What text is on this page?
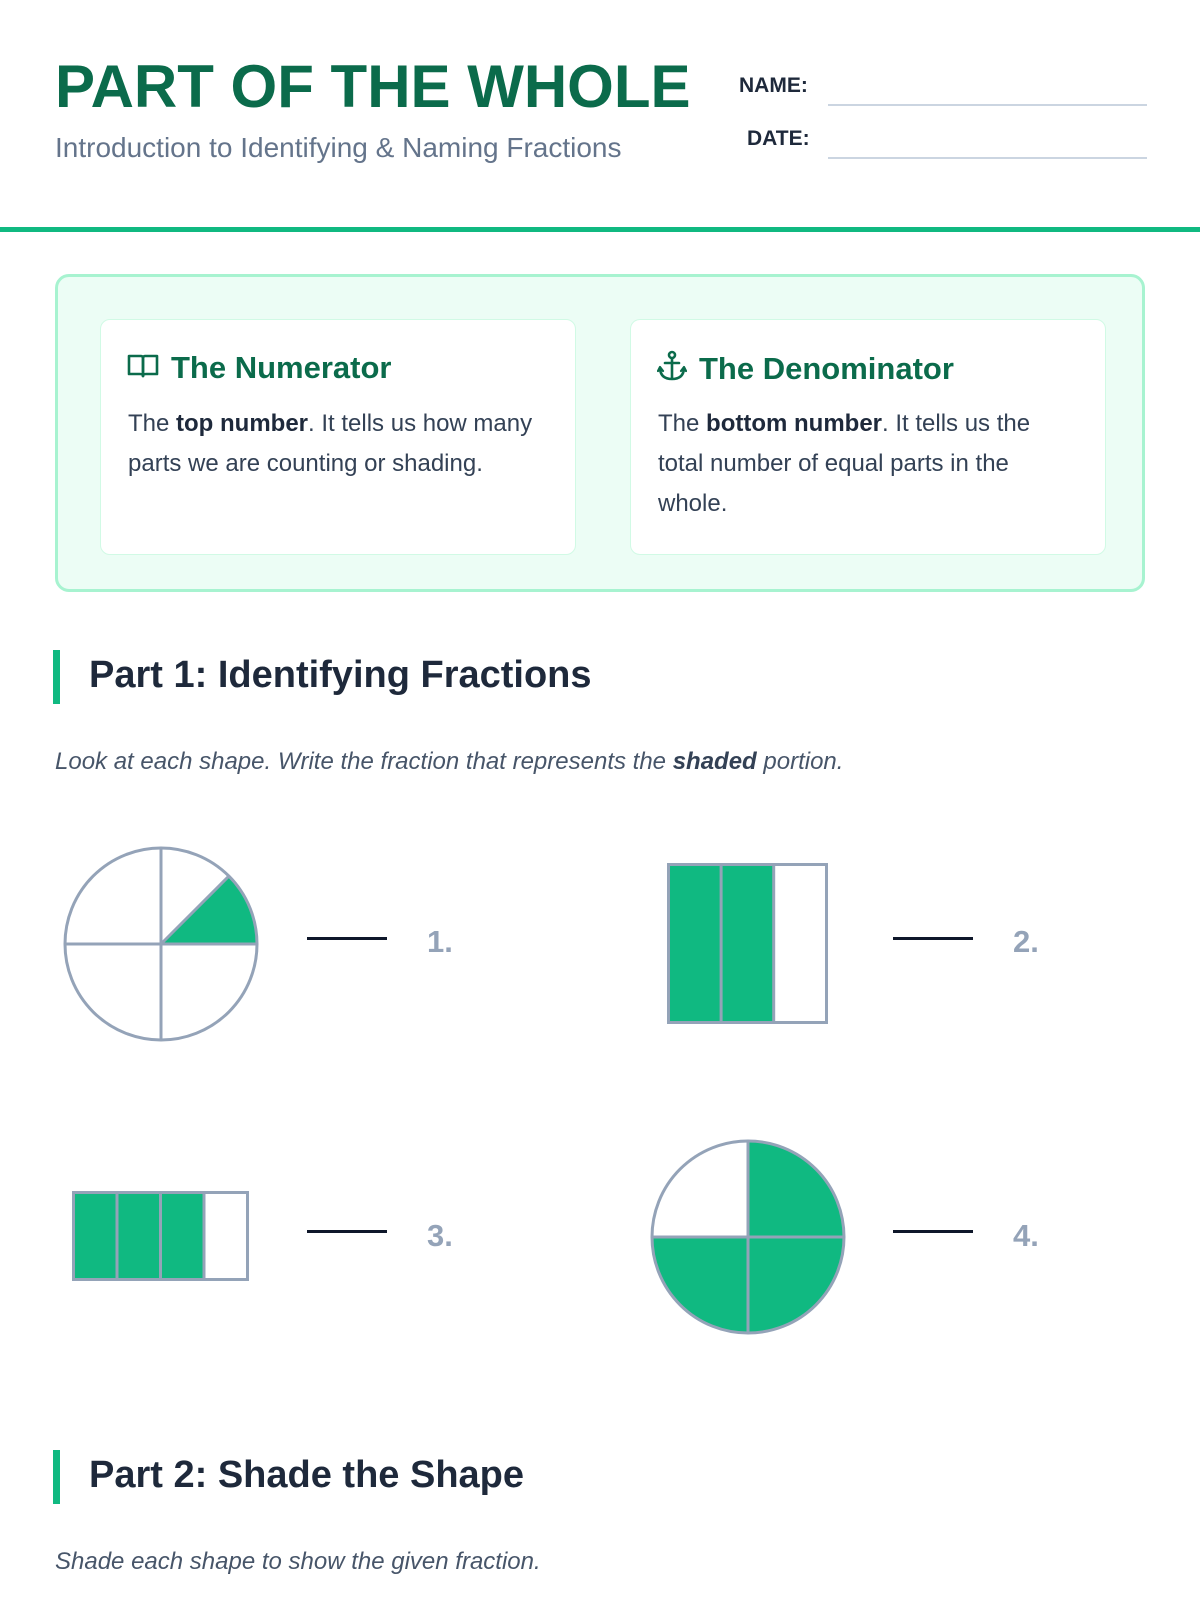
PART OF THE WHOLE
Introduction to Identifying & Naming Fractions
NAME:
DATE:
The Numerator
The top number. It tells us how many parts we are counting or shading.
The Denominator
The bottom number. It tells us the total number of equal parts in the whole.
Part 1: Identifying Fractions
Look at each shape. Write the fraction that represents the shaded portion.
1.	2.
3.	4.
Part 2: Shade the Shape
Shade each shape to show the given fraction.
